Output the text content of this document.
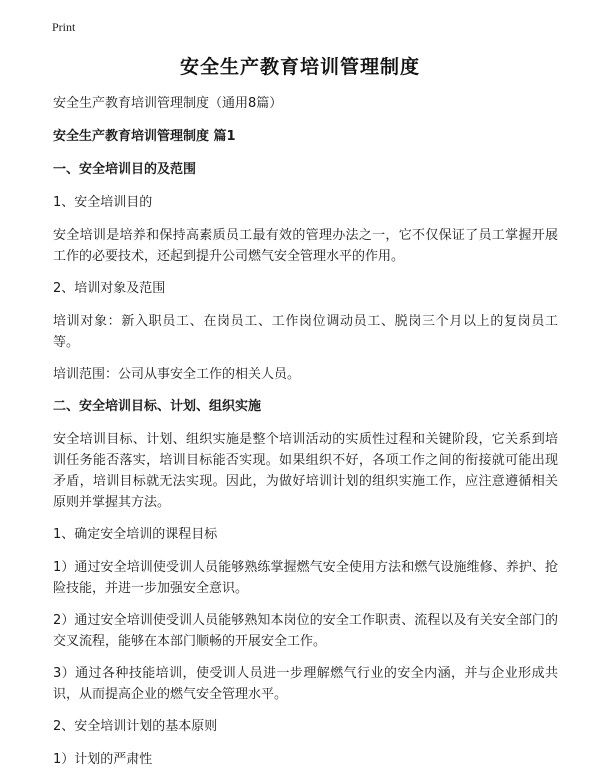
Print
安全生产教育培训管理制度
安全生产教育培训管理制度（通用8篇）
安全生产教育培训管理制度 篇1
一、安全培训目的及范围
1、安全培训目的
安全培训是培养和保持高素质员工最有效的管理办法之一，它不仅保证了员工掌握开展工作的必要技术，还起到提升公司燃气安全管理水平的作用。
2、培训对象及范围
培训对象：新入职员工、在岗员工、工作岗位调动员工、脱岗三个月以上的复岗员工等。
培训范围：公司从事安全工作的相关人员。
二、安全培训目标、计划、组织实施
安全培训目标、计划、组织实施是整个培训活动的实质性过程和关键阶段，它关系到培训任务能否落实，培训目标能否实现。如果组织不好，各项工作之间的衔接就可能出现矛盾，培训目标就无法实现。因此，为做好培训计划的组织实施工作，应注意遵循相关原则并掌握其方法。
1、确定安全培训的课程目标
1）通过安全培训使受训人员能够熟练掌握燃气安全使用方法和燃气设施维修、养护、抢险技能，并进一步加强安全意识。
2）通过安全培训使受训人员能够熟知本岗位的安全工作职责、流程以及有关安全部门的交叉流程，能够在本部门顺畅的开展安全工作。
3）通过各种技能培训，使受训人员进一步理解燃气行业的安全内涵，并与企业形成共识，从而提高企业的燃气安全管理水平。
2、安全培训计划的基本原则
1）计划的严肃性
